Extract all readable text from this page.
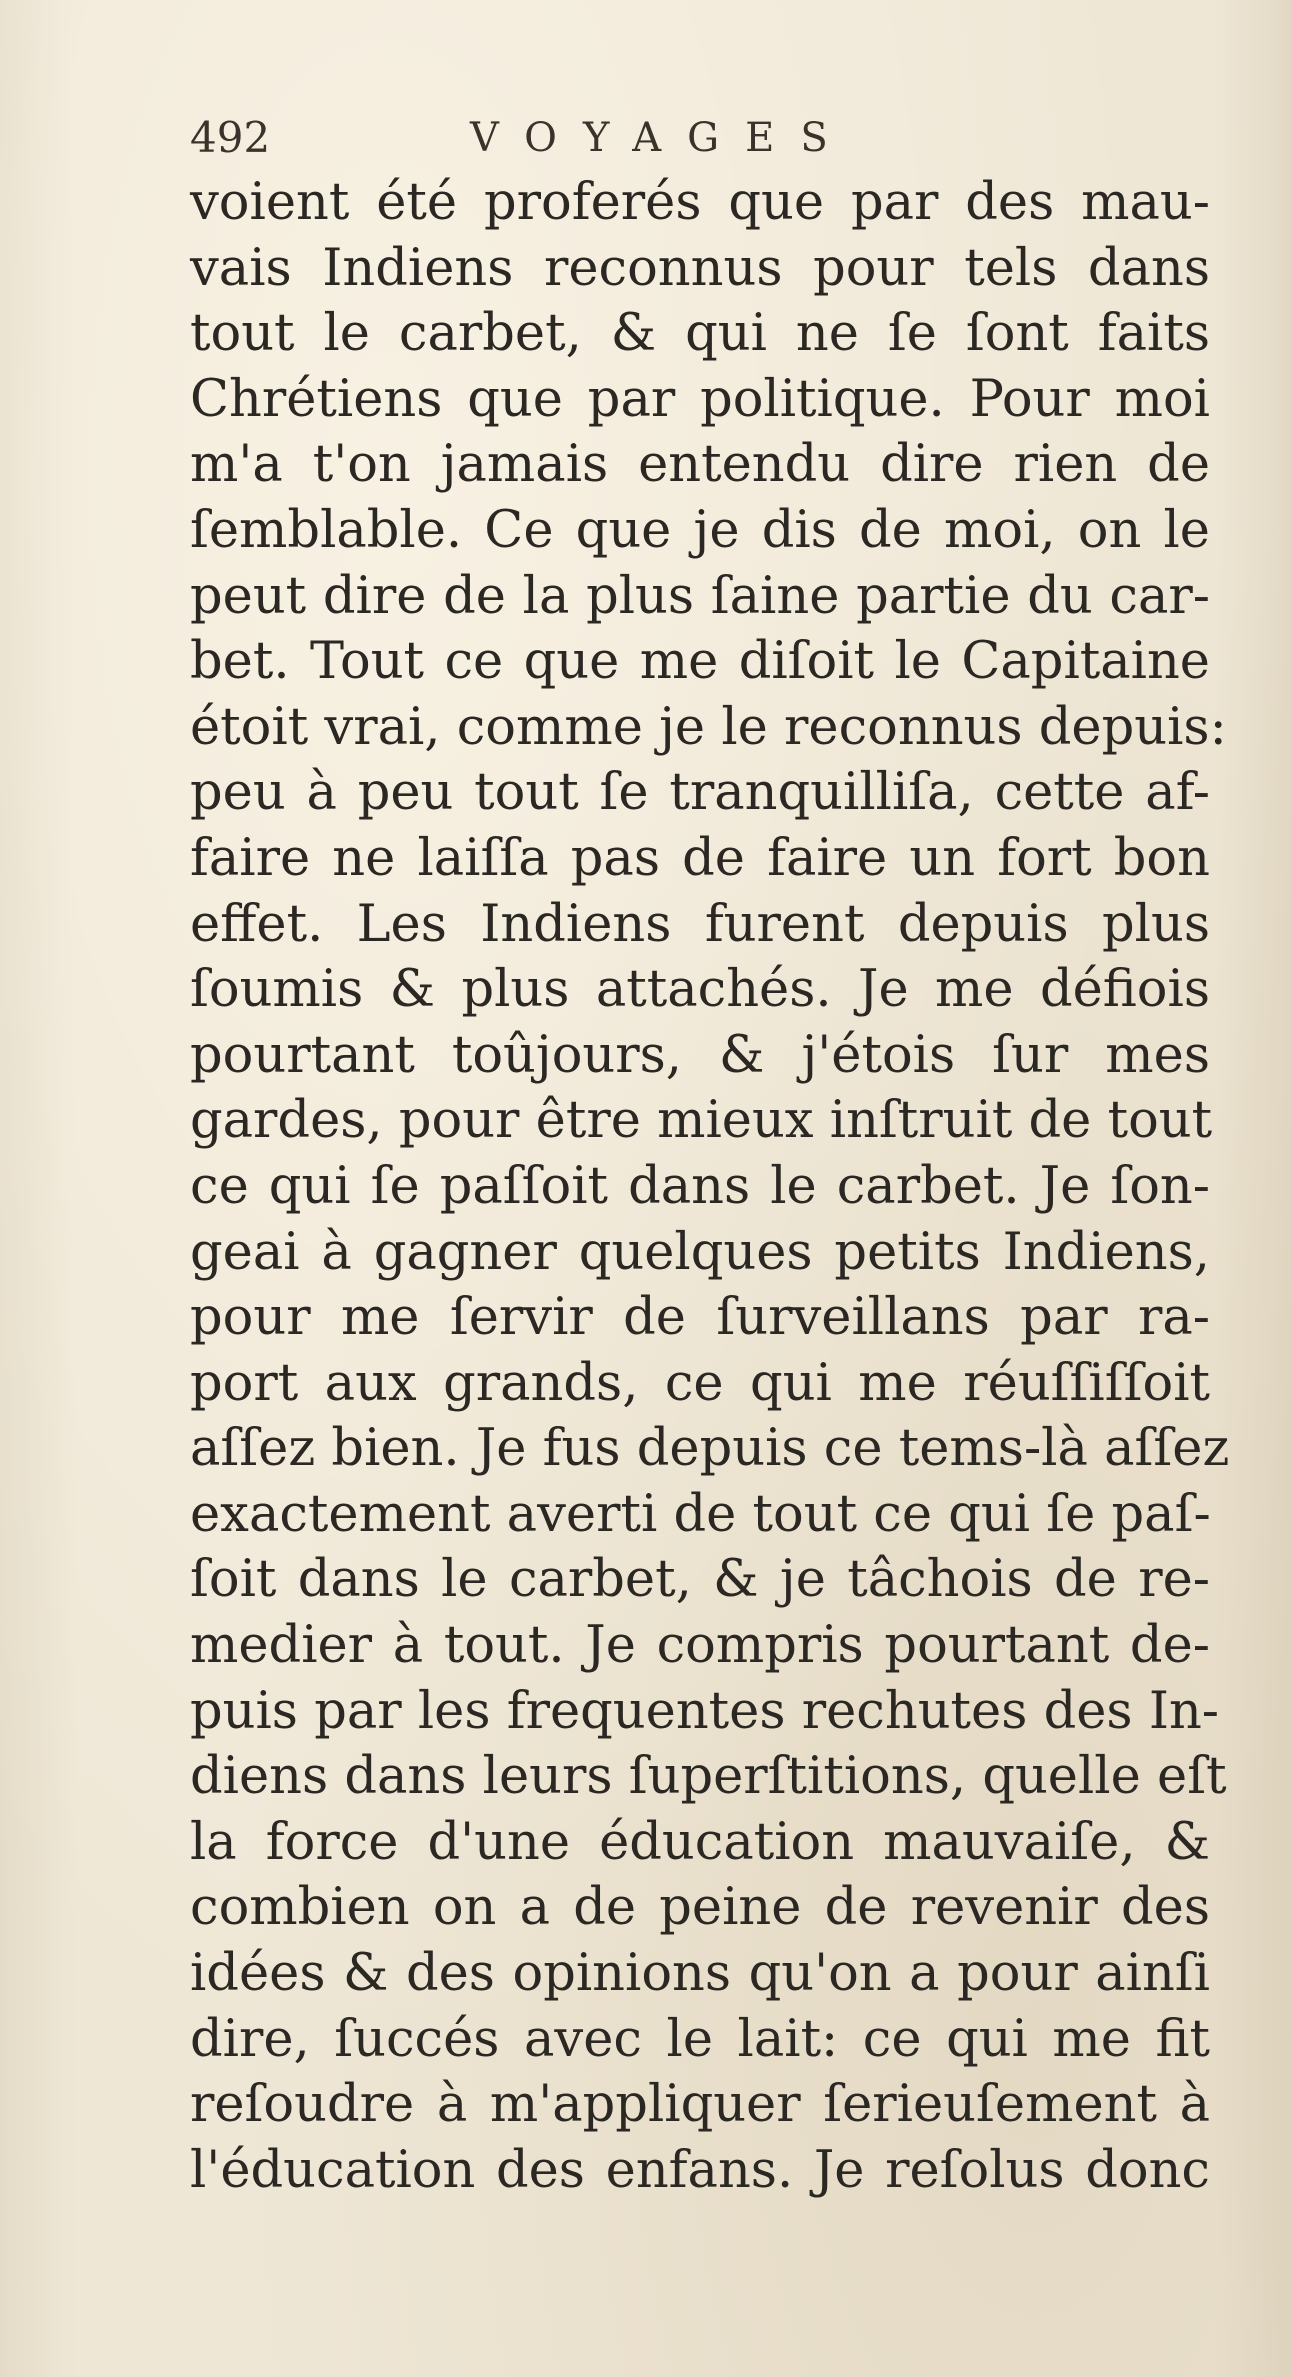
492	VOYAGES
voient été proferés que par des mau-
vais Indiens reconnus pour tels dans
tout le carbet, & qui ne ſe ſont faits
Chrétiens que par politique. Pour moi
m'a t'on jamais entendu dire rien de
ſemblable. Ce que je dis de moi, on le
peut dire de la plus ſaine partie du car-
bet. Tout ce que me diſoit le Capitaine
étoit vrai, comme je le reconnus depuis:
peu à peu tout ſe tranquilliſa, cette af-
faire ne laiſſa pas de faire un fort bon
effet. Les Indiens furent depuis plus
ſoumis & plus attachés. Je me défiois
pourtant toûjours, & j'étois ſur mes
gardes, pour être mieux inſtruit de tout
ce qui ſe paſſoit dans le carbet. Je ſon-
geai à gagner quelques petits Indiens,
pour me ſervir de ſurveillans par ra-
port aux grands, ce qui me réuſſiſſoit
aſſez bien. Je fus depuis ce tems-là aſſez
exactement averti de tout ce qui ſe paſ-
ſoit dans le carbet, & je tâchois de re-
medier à tout. Je compris pourtant de-
puis par les frequentes rechutes des In-
diens dans leurs ſuperſtitions, quelle eſt
la force d'une éducation mauvaiſe, &
combien on a de peine de revenir des
idées & des opinions qu'on a pour ainſi
dire, ſuccés avec le lait: ce qui me fit
reſoudre à m'appliquer ſerieuſement à
l'éducation des enfans. Je reſolus donc
